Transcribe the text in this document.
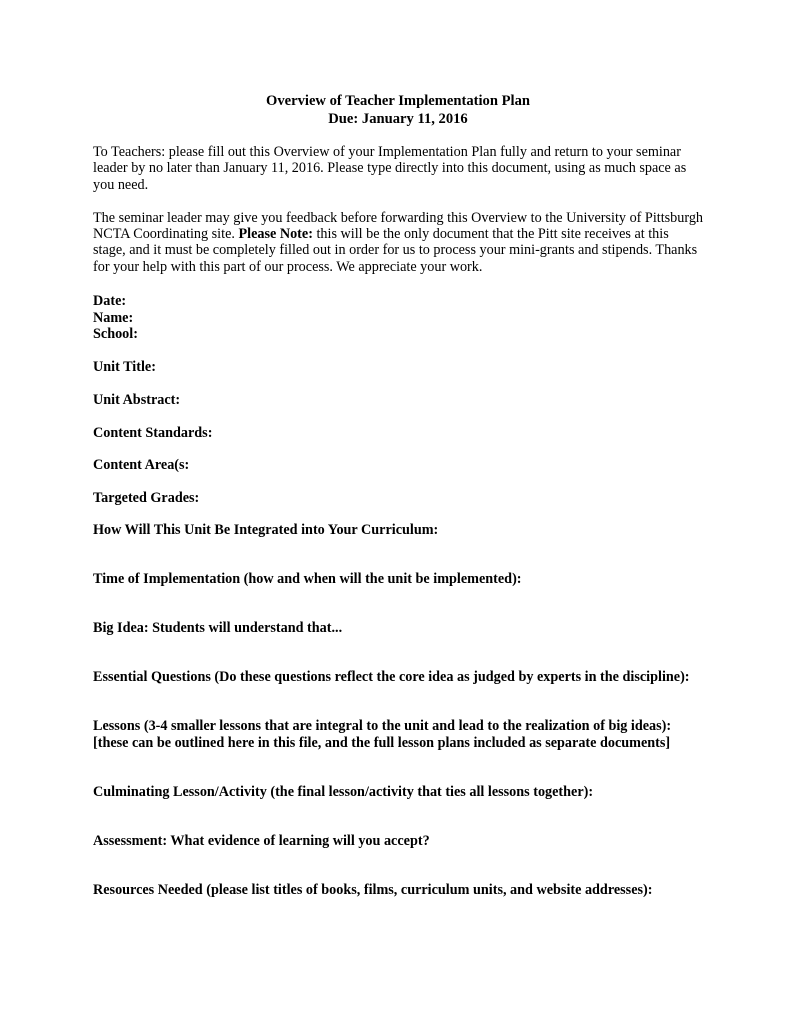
Overview of Teacher Implementation Plan

Due: January 11, 2016

To Teachers: please fill out this Overview of your Implementation Plan fully and return to your seminar leader by no later than January 11, 2016. Please type directly into this document, using as much space as you need.

The seminar leader may give you feedback before forwarding this Overview to the University of Pittsburgh NCTA Coordinating site. Please Note: this will be the only document that the Pitt site receives at this stage, and it must be completely filled out in order for us to process your mini-grants and stipends. Thanks for your help with this part of our process. We appreciate your work.

Date:
Name:
School:
Unit Title:
Unit Abstract:
Content Standards:
Content Area(s:
Targeted Grades:
How Will This Unit Be Integrated into Your Curriculum:
Time of Implementation (how and when will the unit be implemented):
Big Idea: Students will understand that...
Essential Questions (Do these questions reflect the core idea as judged by experts in the discipline):
Lessons (3-4 smaller lessons that are integral to the unit and lead to the realization of big ideas):
[these can be outlined here in this file, and the full lesson plans included as separate documents]
Culminating Lesson/Activity (the final lesson/activity that ties all lessons together):
Assessment: What evidence of learning will you accept?
Resources Needed (please list titles of books, films, curriculum units, and website addresses):
